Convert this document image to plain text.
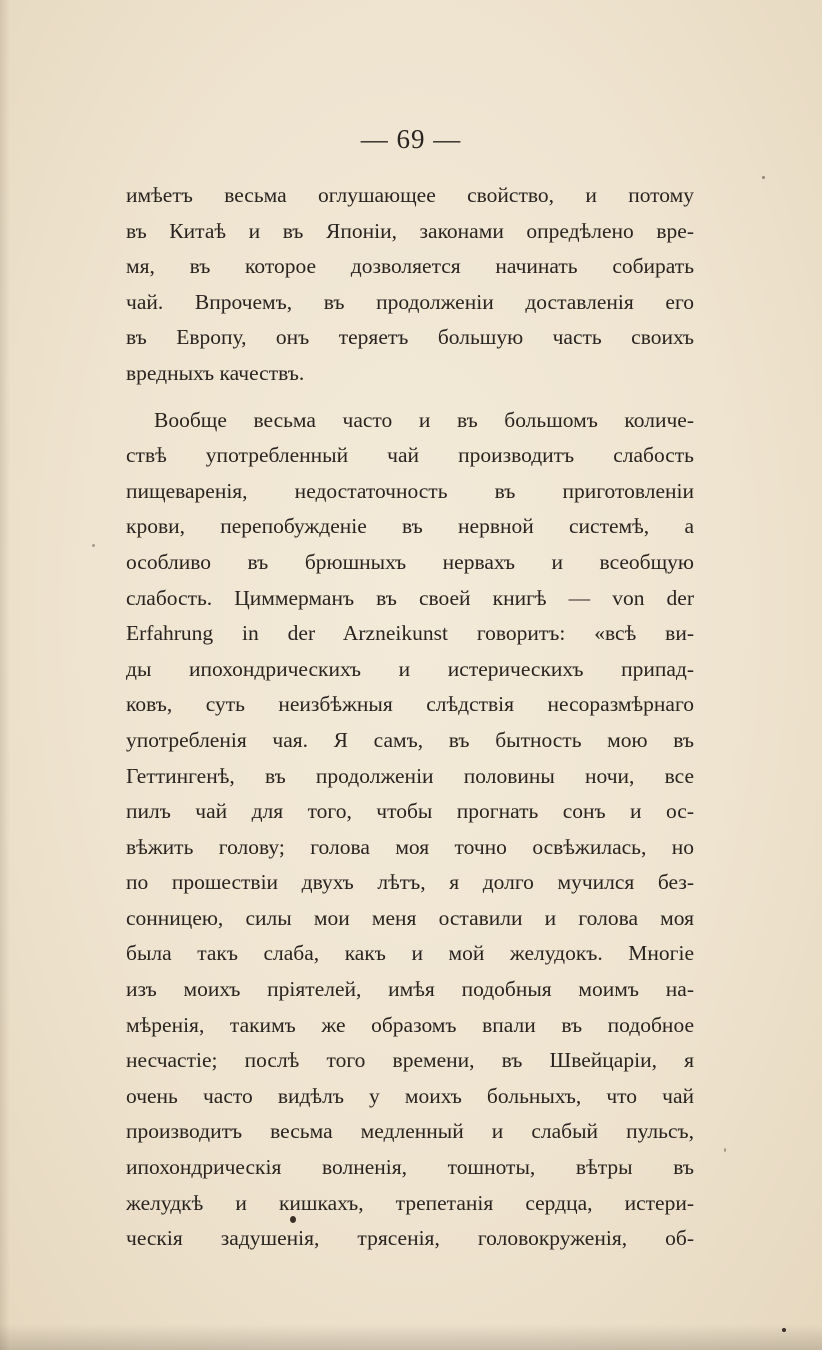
— 69 —
имѣетъ весьма оглушающее свойство, и потому
въ Китаѣ и въ Японіи, законами опредѣлено вре-
мя, въ которое дозволяется начинать собирать
чай. Впрочемъ, въ продолженіи доставленія его
въ Европу, онъ теряетъ большую часть своихъ
вредныхъ качествъ.
Вообще весьма часто и въ большомъ количе-
ствѣ употребленный чай производитъ слабость
пищеваренія, недостаточность въ приготовленіи
крови, перепобужденіе въ нервной системѣ, а
особливо въ брюшныхъ нервахъ и всеобщую
слабость. Циммерманъ въ своей книгѣ — von der
Erfahrung in der Arzneikunst говоритъ: «всѣ ви-
ды ипохондрическихъ и истерическихъ припад-
ковъ, суть неизбѣжныя слѣдствія несоразмѣрнаго
употребленія чая. Я самъ, въ бытность мою въ
Геттингенѣ, въ продолженіи половины ночи, все
пилъ чай для того, чтобы прогнать сонъ и ос-
вѣжить голову; голова моя точно освѣжилась, но
по прошествіи двухъ лѣтъ, я долго мучился без-
сонницею, силы мои меня оставили и голова моя
была такъ слаба, какъ и мой желудокъ. Многіе
изъ моихъ пріятелей, имѣя подобныя моимъ на-
мѣренія, такимъ же образомъ впали въ подобное
несчастіе; послѣ того времени, въ Швейцаріи, я
очень часто видѣлъ у моихъ больныхъ, что чай
производитъ весьма медленный и слабый пульсъ,
ипохондрическія волненія, тошноты, вѣтры въ
желудкѣ и кишкахъ, трепетанія сердца, истери-
ческія задушенія, трясенія, головокруженія, об-
